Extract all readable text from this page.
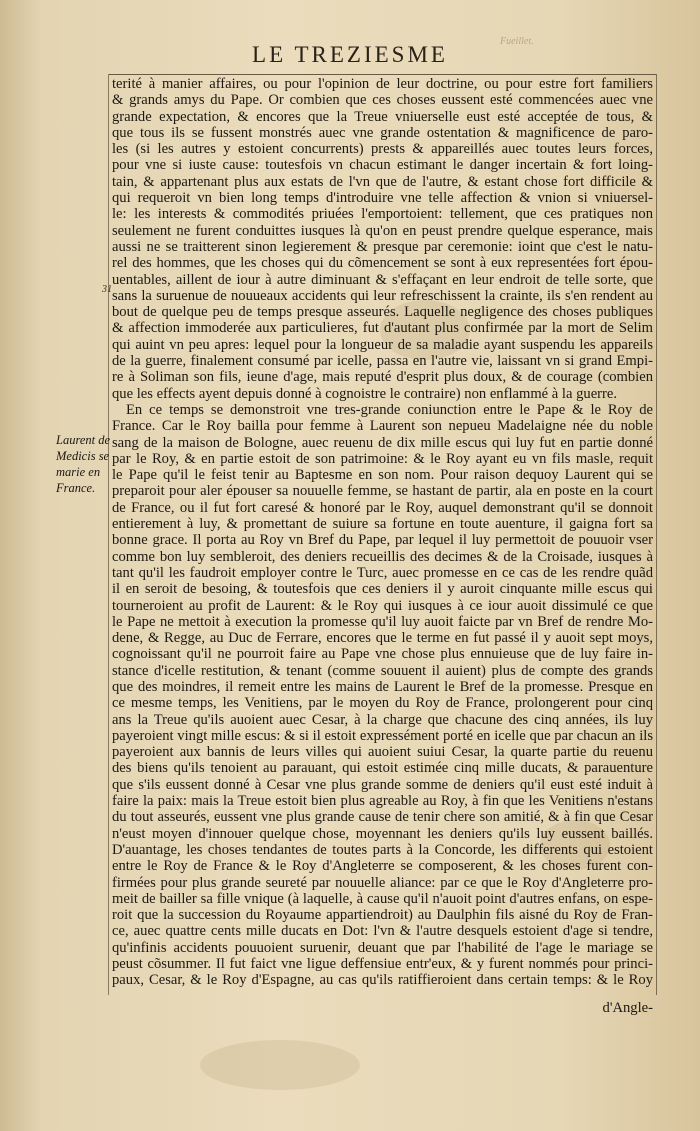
Fueillet.
LE TREZIESME
31
Laurent de
Medicis se
marie en
France.
terité à manier affaires, ou pour l'opinion de leur doctrine, ou pour estre fort familiers
& grands amys du Pape. Or combien que ces choses eussent esté commencées auec vne
grande expectation, & encores que la Treue vniuerselle eust esté acceptée de tous, &
que tous ils se fussent monstrés auec vne grande ostentation & magnificence de paro-
les (si les autres y estoient concurrents) prests & appareillés auec toutes leurs forces,
pour vne si iuste cause: toutesfois vn chacun estimant le danger incertain & fort loing-
tain, & appartenant plus aux estats de l'vn que de l'autre, & estant chose fort difficile &
qui requeroit vn bien long temps d'introduire vne telle affection & vnion si vniuersel-
le: les interests & commodités priuées l'emportoient: tellement, que ces pratiques non
seulement ne furent conduittes iusques là qu'on en peust prendre quelque esperance, mais
aussi ne se traitterent sinon legierement & presque par ceremonie: ioint que c'est le natu-
rel des hommes, que les choses qui du cõmencement se sont à eux representées fort épou-
uentables, aillent de iour à autre diminuant & s'effaçant en leur endroit de telle sorte, que
sans la suruenue de nouueaux accidents qui leur refreschissent la crainte, ils s'en rendent au
bout de quelque peu de temps presque asseurés. Laquelle negligence des choses publiques
& affection immoderée aux particulieres, fut d'autant plus confirmée par la mort de Selim
qui auint vn peu apres: lequel pour la longueur de sa maladie ayant suspendu les appareils
de la guerre, finalement consumé par icelle, passa en l'autre vie, laissant vn si grand Empi-
re à Soliman son fils, ieune d'age, mais reputé d'esprit plus doux, & de courage (combien
que les effects ayent depuis donné à cognoistre le contraire) non enflammé à la guerre.
En ce temps se demonstroit vne tres-grande coniunction entre le Pape & le Roy de
France. Car le Roy bailla pour femme à Laurent son nepueu Madelaigne née du noble
sang de la maison de Bologne, auec reuenu de dix mille escus qui luy fut en partie donné
par le Roy, & en partie estoit de son patrimoine: & le Roy ayant eu vn fils masle, requit
le Pape qu'il le feist tenir au Baptesme en son nom. Pour raison dequoy Laurent qui se
preparoit pour aler épouser sa nouuelle femme, se hastant de partir, ala en poste en la court
de France, ou il fut fort caresé & honoré par le Roy, auquel demonstrant qu'il se donnoit
entierement à luy, & promettant de suiure sa fortune en toute auenture, il gaigna fort sa
bonne grace. Il porta au Roy vn Bref du Pape, par lequel il luy permettoit de pouuoir vser
comme bon luy sembleroit, des deniers recueillis des decimes & de la Croisade, iusques à
tant qu'il les faudroit employer contre le Turc, auec promesse en ce cas de les rendre quãd
il en seroit de besoing, & toutesfois que ces deniers il y auroit cinquante mille escus qui
tourneroient au profit de Laurent: & le Roy qui iusques à ce iour auoit dissimulé ce que
le Pape ne mettoit à execution la promesse qu'il luy auoit faicte par vn Bref de rendre Mo-
dene, & Regge, au Duc de Ferrare, encores que le terme en fut passé il y auoit sept moys,
cognoissant qu'il ne pourroit faire au Pape vne chose plus ennuieuse que de luy faire in-
stance d'icelle restitution, & tenant (comme souuent il auient) plus de compte des grands
que des moindres, il remeit entre les mains de Laurent le Bref de la promesse. Presque en
ce mesme temps, les Venitiens, par le moyen du Roy de France, prolongerent pour cinq
ans la Treue qu'ils auoient auec Cesar, à la charge que chacune des cinq années, ils luy
payeroient vingt mille escus: & si il estoit expressément porté en icelle que par chacun an ils
payeroient aux bannis de leurs villes qui auoient suiui Cesar, la quarte partie du reuenu
des biens qu'ils tenoient au parauant, qui estoit estimée cinq mille ducats, & parauenture
que s'ils eussent donné à Cesar vne plus grande somme de deniers qu'il eust esté induit à
faire la paix: mais la Treue estoit bien plus agreable au Roy, à fin que les Venitiens n'estans
du tout asseurés, eussent vne plus grande cause de tenir chere son amitié, & à fin que Cesar
n'eust moyen d'innouer quelque chose, moyennant les deniers qu'ils luy eussent baillés.
D'auantage, les choses tendantes de toutes parts à la Concorde, les differents qui estoient
entre le Roy de France & le Roy d'Angleterre se composerent, & les choses furent con-
firmées pour plus grande seureté par nouuelle aliance: par ce que le Roy d'Angleterre pro-
meit de bailler sa fille vnique (à laquelle, à cause qu'il n'auoit point d'autres enfans, on espe-
roit que la succession du Royaume appartiendroit) au Daulphin fils aisné du Roy de Fran-
ce, auec quattre cents mille ducats en Dot: l'vn & l'autre desquels estoient d'age si tendre,
qu'infinis accidents pouuoient suruenir, deuant que par l'habilité de l'age le mariage se
peust cõsummer. Il fut faict vne ligue deffensiue entr'eux, & y furent nommés pour princi-
paux, Cesar, & le Roy d'Espagne, au cas qu'ils ratiffieroient dans certain temps: & le Roy
d'Angle-
